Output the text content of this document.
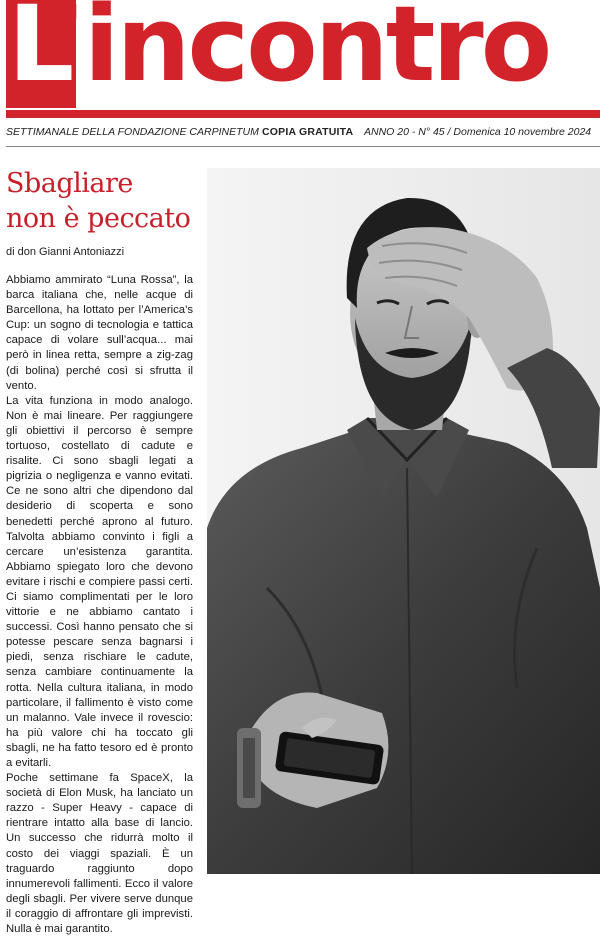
L’incontro
SETTIMANALE DELLA FONDAZIONE CARPINETUM COPIA GRATUITA ANNO 20 - N° 45 / Domenica 10 novembre 2024
Sbagliare
non è peccato
di don Gianni Antoniazzi

Abbiamo ammirato “Luna Rossa”, la barca italiana che, nelle acque di Barcellona, ha lottato per l’America’s Cup: un sogno di tecnologia e tattica capace di volare sull’acqua... mai però in linea retta, sempre a zig-zag (di bolina) perché così si sfrutta il vento.

La vita funziona in modo analogo. Non è mai lineare. Per raggiungere gli obiettivi il percorso è sempre tortuoso, costellato di cadute e risalite. Ci sono sbagli legati a pigrizia o negligenza e vanno evitati. Ce ne sono altri che dipendono dal desiderio di scoperta e sono benedetti perché aprono al futuro. Talvolta abbiamo convinto i figli a cercare un’esistenza garantita. Abbiamo spiegato loro che devono evitare i rischi e compiere passi certi. Ci siamo complimentati per le loro vittorie e ne abbiamo cantato i successi. Così hanno pensato che si potesse pescare senza bagnarsi i piedi, senza rischiare le cadute, senza cambiare continuamente la rotta. Nella cultura italiana, in modo particolare, il fallimento è visto come un malanno. Vale invece il rovescio: ha più valore chi ha toccato gli sbagli, ne ha fatto tesoro ed è pronto a evitarli.

Poche settimane fa SpaceX, la società di Elon Musk, ha lanciato un razzo - Super Heavy - capace di rientrare intatto alla base di lancio. Un successo che ridurrà molto il costo dei viaggi spaziali. È un traguardo raggiunto dopo innumerevoli fallimenti. Ecco il valore degli sbagli. Per vivere serve dunque il coraggio di affrontare gli imprevisti. Nulla è mai garantito.
